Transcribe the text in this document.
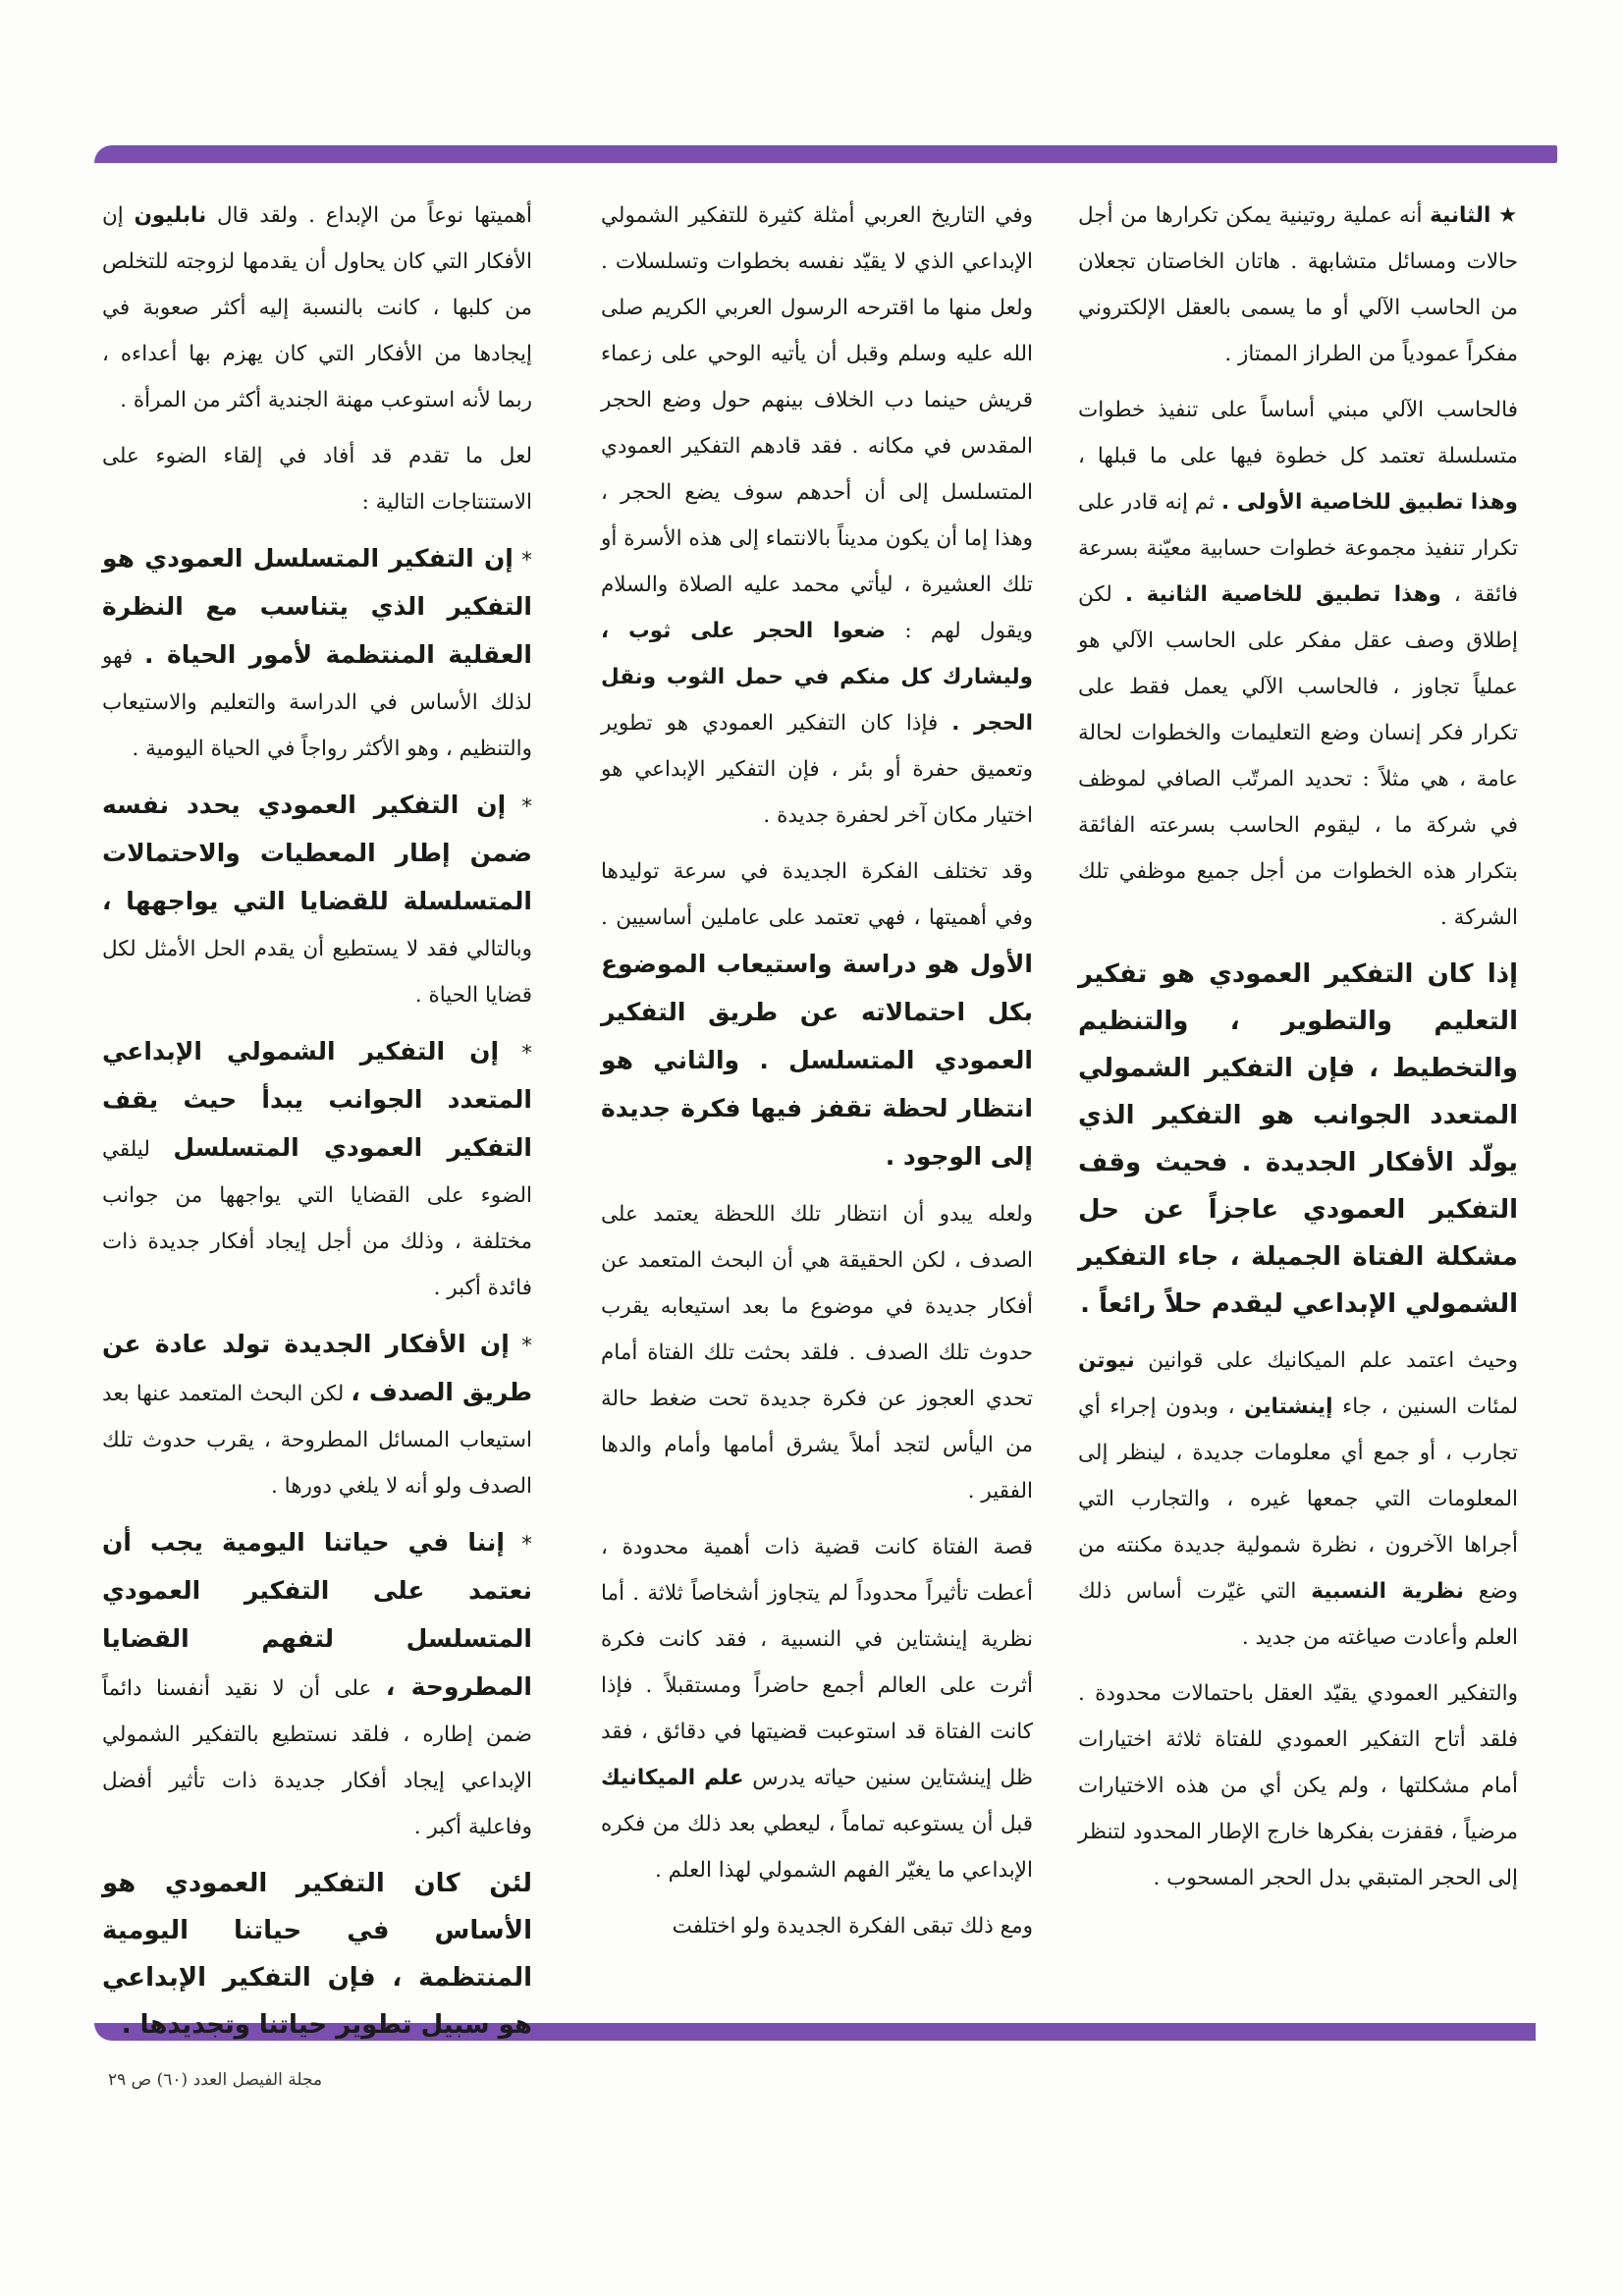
★ الثانية أنه عملية روتينية يمكن تكرارها من أجل حالات ومسائل متشابهة . هاتان الخاصتان تجعلان من الحاسب الآلي أو ما يسمى بالعقل الإلكتروني مفكراً عمودياً من الطراز الممتاز .

فالحاسب الآلي مبني أساساً على تنفيذ خطوات متسلسلة تعتمد كل خطوة فيها على ما قبلها ، وهذا تطبيق للخاصية الأولى . ثم إنه قادر على تكرار تنفيذ مجموعة خطوات حسابية معيّنة بسرعة فائقة ، وهذا تطبيق للخاصية الثانية . لكن إطلاق وصف عقل مفكر على الحاسب الآلي هو عملياً تجاوز ، فالحاسب الآلي يعمل فقط على تكرار فكر إنسان وضع التعليمات والخطوات لحالة عامة ، هي مثلاً : تحديد المرتّب الصافي لموظف في شركة ما ، ليقوم الحاسب بسرعته الفائقة بتكرار هذه الخطوات من أجل جميع موظفي تلك الشركة .

إذا كان التفكير العمودي هو تفكير التعليم والتطوير ، والتنظيم والتخطيط ، فإن التفكير الشمولي المتعدد الجوانب هو التفكير الذي يولّد الأفكار الجديدة . فحيث وقف التفكير العمودي عاجزاً عن حل مشكلة الفتاة الجميلة ، جاء التفكير الشمولي الإبداعي ليقدم حلاً رائعاً .

وحيث اعتمد علم الميكانيك على قوانين نيوتن لمئات السنين ، جاء إينشتاين ، وبدون إجراء أي تجارب ، أو جمع أي معلومات جديدة ، لينظر إلى المعلومات التي جمعها غيره ، والتجارب التي أجراها الآخرون ، نظرة شمولية جديدة مكنته من وضع نظرية النسبية التي غيّرت أساس ذلك العلم وأعادت صياغته من جديد .

والتفكير العمودي يقيّد العقل باحتمالات محدودة . فلقد أتاح التفكير العمودي للفتاة ثلاثة اختيارات أمام مشكلتها ، ولم يكن أي من هذه الاختيارات مرضياً ، فقفزت بفكرها خارج الإطار المحدود لتنظر إلى الحجر المتبقي بدل الحجر المسحوب .

وفي التاريخ العربي أمثلة كثيرة للتفكير الشمولي الإبداعي الذي لا يقيّد نفسه بخطوات وتسلسلات . ولعل منها ما اقترحه الرسول العربي الكريم صلى الله عليه وسلم وقبل أن يأتيه الوحي على زعماء قريش حينما دب الخلاف بينهم حول وضع الحجر المقدس في مكانه . فقد قادهم التفكير العمودي المتسلسل إلى أن أحدهم سوف يضع الحجر ، وهذا إما أن يكون مديناً بالانتماء إلى هذه الأسرة أو تلك العشيرة ، ليأتي محمد عليه الصلاة والسلام ويقول لهم : ضعوا الحجر على ثوب ، وليشارك كل منكم في حمل الثوب ونقل الحجر . فإذا كان التفكير العمودي هو تطوير وتعميق حفرة أو بئر ، فإن التفكير الإبداعي هو اختيار مكان آخر لحفرة جديدة .

وقد تختلف الفكرة الجديدة في سرعة توليدها وفي أهميتها ، فهي تعتمد على عاملين أساسيين . الأول هو دراسة واستيعاب الموضوع بكل احتمالاته عن طريق التفكير العمودي المتسلسل . والثاني هو انتظار لحظة تقفز فيها فكرة جديدة إلى الوجود .

ولعله يبدو أن انتظار تلك اللحظة يعتمد على الصدف ، لكن الحقيقة هي أن البحث المتعمد عن أفكار جديدة في موضوع ما بعد استيعابه يقرب حدوث تلك الصدف . فلقد بحثت تلك الفتاة أمام تحدي العجوز عن فكرة جديدة تحت ضغط حالة من اليأس لتجد أملاً يشرق أمامها وأمام والدها الفقير .

قصة الفتاة كانت قضية ذات أهمية محدودة ، أعطت تأثيراً محدوداً لم يتجاوز أشخاصاً ثلاثة . أما نظرية إينشتاين في النسبية ، فقد كانت فكرة أثرت على العالم أجمع حاضراً ومستقبلاً . فإذا كانت الفتاة قد استوعبت قضيتها في دقائق ، فقد ظل إينشتاين سنين حياته يدرس علم الميكانيك قبل أن يستوعبه تماماً ، ليعطي بعد ذلك من فكره الإبداعي ما يغيّر الفهم الشمولي لهذا العلم .

ومع ذلك تبقى الفكرة الجديدة ولو اختلفت

أهميتها نوعاً من الإبداع . ولقد قال نابليون إن الأفكار التي كان يحاول أن يقدمها لزوجته للتخلص من كلبها ، كانت بالنسبة إليه أكثر صعوبة في إيجادها من الأفكار التي كان يهزم بها أعداءه ، ربما لأنه استوعب مهنة الجندية أكثر من المرأة .

لعل ما تقدم قد أفاد في إلقاء الضوء على الاستنتاجات التالية :

* إن التفكير المتسلسل العمودي هو التفكير الذي يتناسب مع النظرة العقلية المنتظمة لأمور الحياة . فهو لذلك الأساس في الدراسة والتعليم والاستيعاب والتنظيم ، وهو الأكثر رواجاً في الحياة اليومية .

* إن التفكير العمودي يحدد نفسه ضمن إطار المعطيات والاحتمالات المتسلسلة للقضايا التي يواجهها ، وبالتالي فقد لا يستطيع أن يقدم الحل الأمثل لكل قضايا الحياة .

* إن التفكير الشمولي الإبداعي المتعدد الجوانب يبدأ حيث يقف التفكير العمودي المتسلسل ليلقي الضوء على القضايا التي يواجهها من جوانب مختلفة ، وذلك من أجل إيجاد أفكار جديدة ذات فائدة أكبر .

* إن الأفكار الجديدة تولد عادة عن طريق الصدف ، لكن البحث المتعمد عنها بعد استيعاب المسائل المطروحة ، يقرب حدوث تلك الصدف ولو أنه لا يلغي دورها .

* إننا في حياتنا اليومية يجب أن نعتمد على التفكير العمودي المتسلسل لتفهم القضايا المطروحة ، على أن لا نقيد أنفسنا دائماً ضمن إطاره ، فلقد نستطيع بالتفكير الشمولي الإبداعي إيجاد أفكار جديدة ذات تأثير أفضل وفاعلية أكبر .

لئن كان التفكير العمودي هو الأساس في حياتنا اليومية المنتظمة ، فإن التفكير الإبداعي هو سبيل تطوير حياتنا وتجديدها .

مجلة الفيصل العدد (٦٠) ص ٢٩
